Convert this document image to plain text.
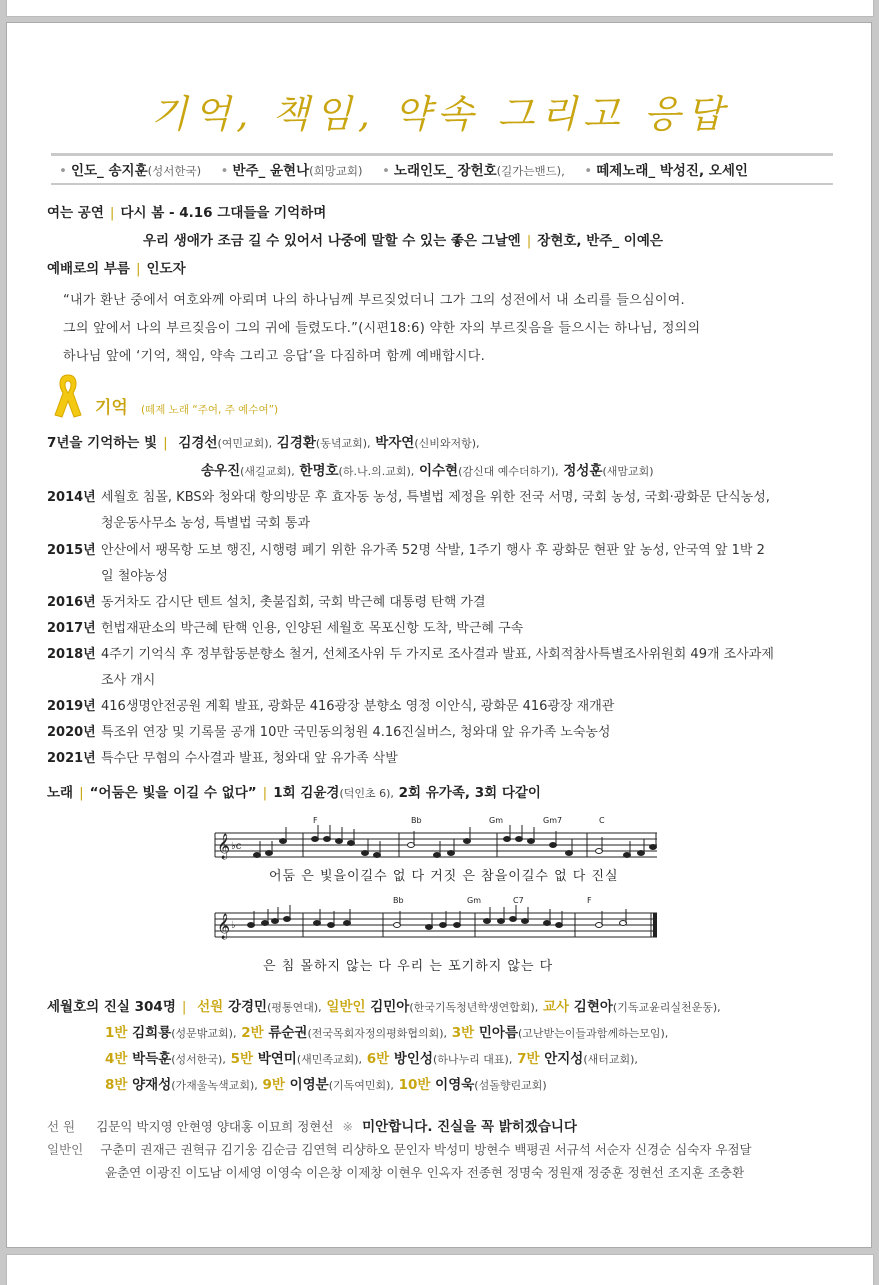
기억, 책임, 약속 그리고 응답
• 인도_ 송지훈(성서한국) • 반주_ 윤현나(희망교회) • 노래인도_ 장헌호(길가는밴드), • 떼제노래_ 박성진, 오세인
여는 공연 | 다시 봄 - 4.16 그대들을 기억하며
우리 생애가 조금 길 수 있어서 나중에 말할 수 있는 좋은 그날엔 | 장현호, 반주_ 이예은
예배로의 부름 | 인도자
“내가 환난 중에서 여호와께 아뢰며 나의 하나님께 부르짖었더니 그가 그의 성전에서 내 소리를 들으심이여.
그의 앞에서 나의 부르짖음이 그의 귀에 들렸도다.”(시편18:6) 약한 자의 부르짖음을 들으시는 하나님, 정의의
하나님 앞에 ‘기억, 책임, 약속 그리고 응답’을 다짐하며 함께 예배합시다.
기억 (떼제 노래 “주여, 주 예수여”)
7년을 기억하는 빛 | 김경선(여민교회), 김경환(동녘교회), 박자연(신비와저항),
송우진(새길교회), 한명호(하.나.의.교회), 이수현(감신대 예수더하기), 정성훈(새맘교회)
2014년 세월호 침몰, KBS와 청와대 항의방문 후 효자동 농성, 특별법 제정을 위한 전국 서명, 국회 농성, 국회·광화문 단식농성,
청운동사무소 농성, 특별법 국회 통과
2015년 안산에서 팽목항 도보 행진, 시행령 폐기 위한 유가족 52명 삭발, 1주기 행사 후 광화문 현판 앞 농성, 안국역 앞 1박 2
일 철야농성
2016년 동거차도 감시단 텐트 설치, 촛불집회, 국회 박근혜 대통령 탄핵 가결
2017년 헌법재판소의 박근혜 탄핵 인용, 인양된 세월호 목포신항 도착, 박근혜 구속
2018년 4주기 기억식 후 정부합동분향소 철거, 선체조사위 두 가지로 조사결과 발표, 사회적참사특별조사위원회 49개 조사과제
조사 개시
2019년 416생명안전공원 계획 발표, 광화문 416광장 분향소 영정 이안식, 광화문 416광장 재개관
2020년 특조위 연장 및 기록물 공개 10만 국민동의청원 4.16진실버스, 청와대 앞 유가족 노숙농성
2021년 특수단 무혐의 수사결과 발표, 청와대 앞 유가족 삭발
노래 | “어둠은 빛을 이길 수 없다” | 1회 김윤경(덕인초 6), 2회 유가족, 3회 다같이
𝄞
𝄞
♭c
♭
F	Bb	Gm	Gm7	C
Bb	Gm	C7	F
어둠 은 빛을이길수 없 다 거짓 은 참을이길수 없 다 진실
은 침 몰하지 않는 다 우리 는 포기하지 않는 다
세월호의 진실 304명 | 선원 강경민(평통연대), 일반인 김민아(한국기독청년학생연합회), 교사 김현아(기독교윤리실천운동),
1반 김희룡(성문밖교회), 2반 류순권(전국목회자정의평화협의회), 3반 민아름(고난받는이들과함께하는모임),
4반 박득훈(성서한국), 5반 박연미(새민족교회), 6반 방인성(하나누리 대표), 7반 안지성(새터교회),
8반 양재성(가재울녹색교회), 9반 이영분(기독여민회), 10반 이영욱(섬돌향린교회)
선 원 김문익 박지영 안현영 양대홍 이묘희 정현선 ※ 미안합니다. 진실을 꼭 밝히겠습니다
일반인 구춘미 권재근 권혁규 김기웅 김순금 김연혁 리샹하오 문인자 박성미 방현수 백평권 서규석 서순자 신경순 심숙자 우점달
윤춘연 이광진 이도남 이세영 이영숙 이은창 이제창 이현우 인옥자 전종현 정명숙 정원재 정중훈 정현선 조지훈 조충환
